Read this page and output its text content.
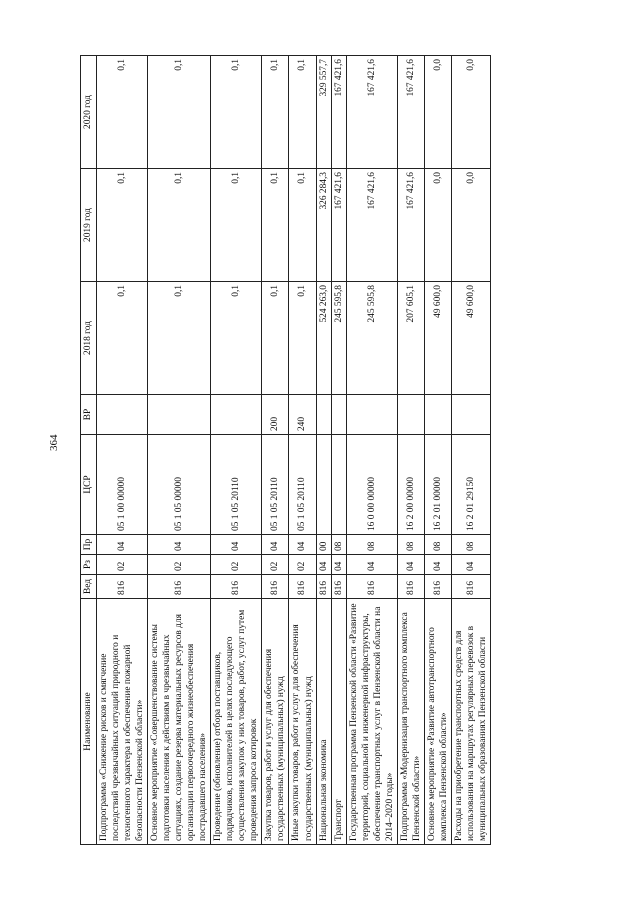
364
Наименование	Вед	Рз	Пр	ЦСР	ВР	2018 год	2019 год	2020 год
Подпрограмма «Снижение рисков и смягчение последствий чрезвычайных ситуаций природного и техногенного характера и обеспечение пожарной безопасности Пензенской области»	816	02	04	05 1 00 00000		0,1	0,1	0,1
Основное мероприятие «Совершенствование системы подготовки населения к действиям в чрезвычайных ситуациях, создание резерва материальных ресурсов для организации первоочередного жизнеобеспечения пострадавшего населения»	816	02	04	05 1 05 00000		0,1	0,1	0,1
Проведение (обновление) отбора поставщиков, подрядчиков, исполнителей в целях последующего осуществления закупок у них товаров, работ, услуг путем проведения запроса котировок	816	02	04	05 1 05 20110		0,1	0,1	0,1
Закупка товаров, работ и услуг для обеспечения государственных (муниципальных) нужд	816	02	04	05 1 05 20110	200	0,1	0,1	0,1
Иные закупки товаров, работ и услуг для обеспечения государственных (муниципальных) нужд	816	02	04	05 1 05 20110	240	0,1	0,1	0,1
Национальная экономика	816	04	00			524 263,0	326 284,3	329 557,7
Транспорт	816	04	08			245 595,8	167 421,6	167 421,6
Государственная программа Пензенской области «Развитие территорий, социальной и инженерной инфраструктуры, обеспечение транспортных услуг в Пензенской области на 2014–2020 годы»	816	04	08	16 0 00 00000		245 595,8	167 421,6	167 421,6
Подпрограмма «Модернизация транспортного комплекса Пензенской области»	816	04	08	16 2 00 00000		207 605,1	167 421,6	167 421,6
Основное мероприятие «Развитие автотранспортного комплекса Пензенской области»	816	04	08	16 2 01 00000		49 600,0	0,0	0,0
Расходы на приобретение транспортных средств для использования на маршрутах регулярных перевозок в муниципальных образованиях Пензенской области	816	04	08	16 2 01 29150		49 600,0	0,0	0,0
